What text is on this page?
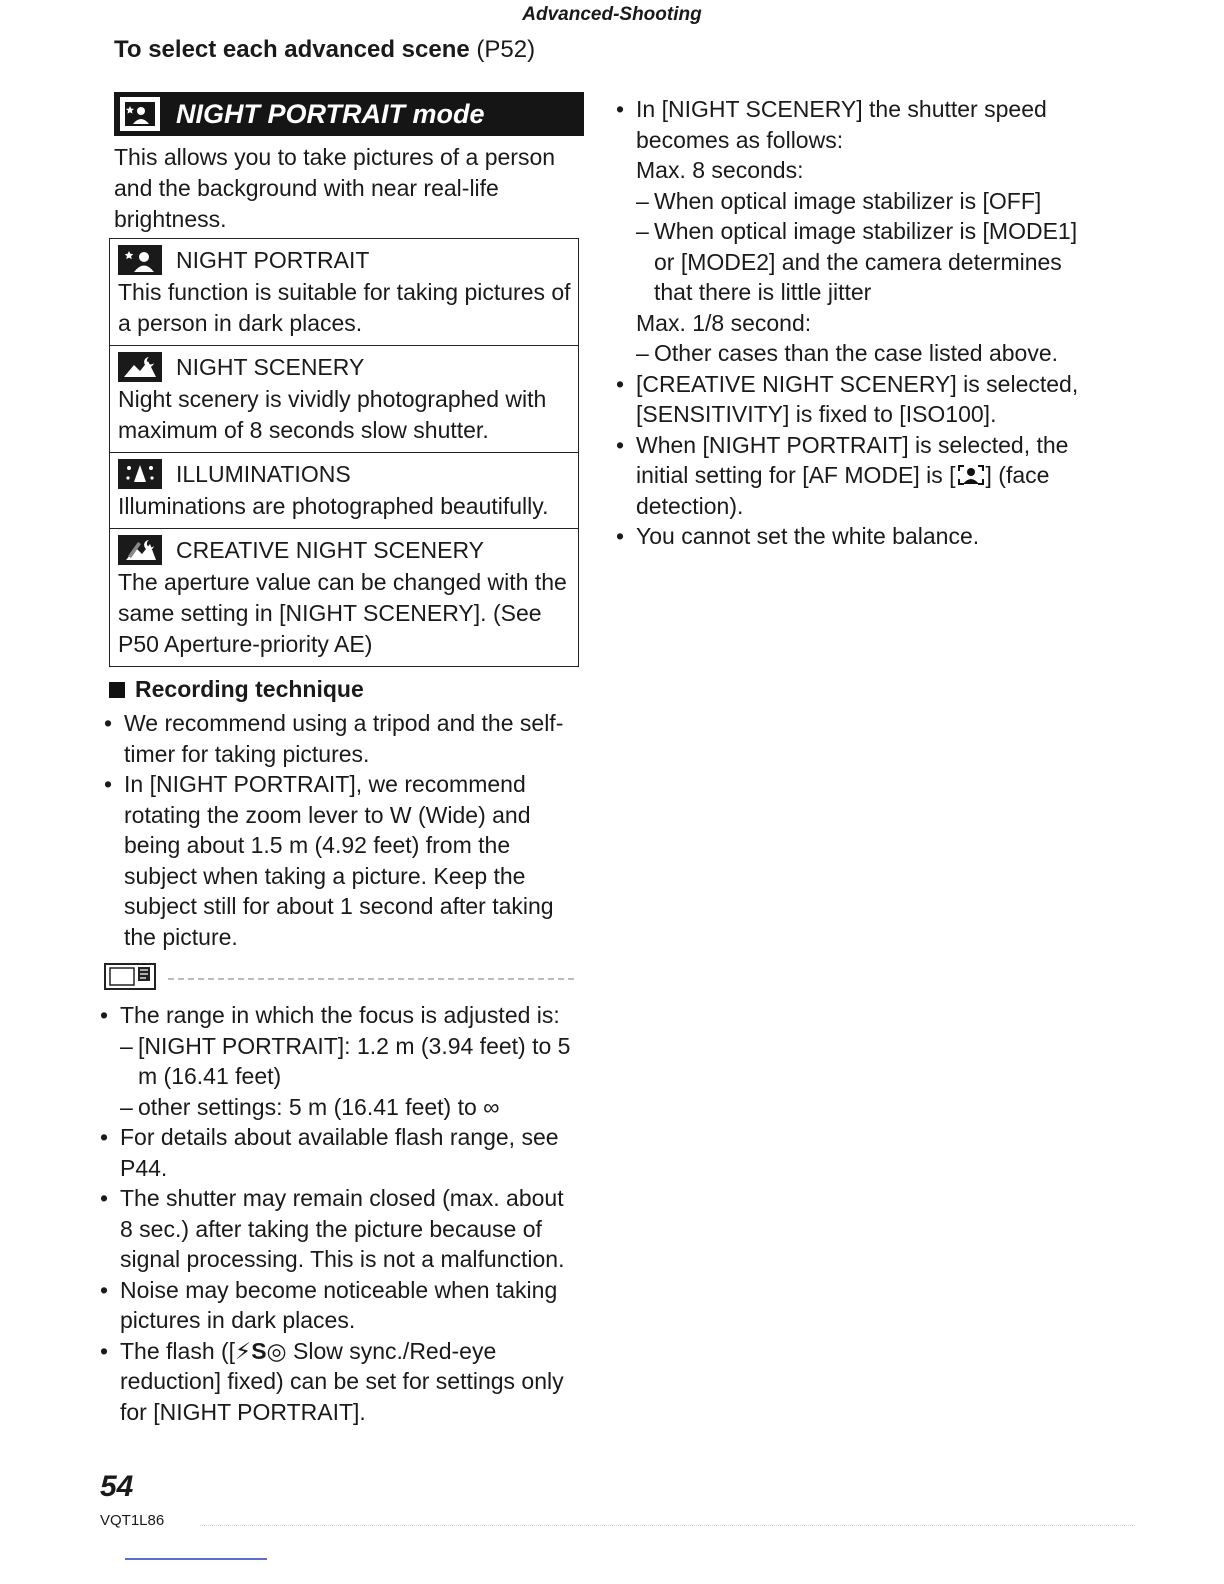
Advanced-Shooting
To select each advanced scene (P52)
NIGHT PORTRAIT mode
This allows you to take pictures of a person and the background with near real-life brightness.
NIGHT PORTRAIT
This function is suitable for taking pictures of a person in dark places.
NIGHT SCENERY
Night scenery is vividly photographed with maximum of 8 seconds slow shutter.
ILLUMINATIONS
Illuminations are photographed beautifully.
CREATIVE NIGHT SCENERY
The aperture value can be changed with the same setting in [NIGHT SCENERY]. (See P50 Aperture-priority AE)
Recording technique
• We recommend using a tripod and the self-timer for taking pictures.
• In [NIGHT PORTRAIT], we recommend rotating the zoom lever to W (Wide) and being about 1.5 m (4.92 feet) from the subject when taking a picture. Keep the subject still for about 1 second after taking the picture.
• The range in which the focus is adjusted is:
– [NIGHT PORTRAIT]: 1.2 m (3.94 feet) to 5 m (16.41 feet)
– other settings: 5 m (16.41 feet) to ∞
• For details about available flash range, see P44.
• The shutter may remain closed (max. about 8 sec.) after taking the picture because of signal processing. This is not a malfunction.
• Noise may become noticeable when taking pictures in dark places.
• The flash ([⚡S◎ Slow sync./Red-eye reduction] fixed) can be set for settings only for [NIGHT PORTRAIT].
• In [NIGHT SCENERY] the shutter speed becomes as follows:
Max. 8 seconds:
– When optical image stabilizer is [OFF]
– When optical image stabilizer is [MODE1] or [MODE2] and the camera determines that there is little jitter
Max. 1/8 second:
– Other cases than the case listed above.
• [CREATIVE NIGHT SCENERY] is selected, [SENSITIVITY] is fixed to [ISO100].
• When [NIGHT PORTRAIT] is selected, the initial setting for [AF MODE] is [ ] (face detection).
• You cannot set the white balance.
54
VQT1L86
